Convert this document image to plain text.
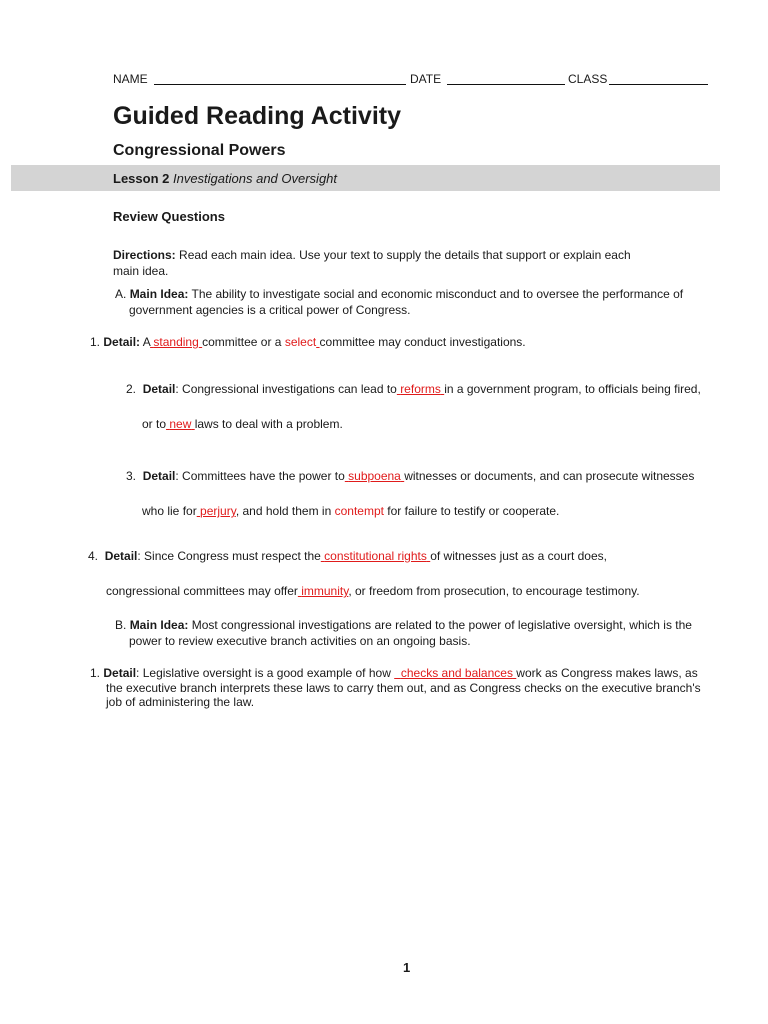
NAME	DATE	CLASS
Guided Reading Activity
Congressional Powers
Lesson 2 Investigations and Oversight
Review Questions
Directions: Read each main idea. Use your text to supply the details that support or explain each
main idea.
A. Main Idea: The ability to investigate social and economic misconduct and to oversee the performance of
government agencies is a critical power of Congress.
1. Detail: A standing committee or a select committee may conduct investigations.
2. Detail: Congressional investigations can lead to reforms in a government program, to officials being fired,
or to new laws to deal with a problem.
3. Detail: Committees have the power to subpoena witnesses or documents, and can prosecute witnesses
who lie for perjury, and hold them in contempt for failure to testify or cooperate.
4. Detail: Since Congress must respect the constitutional rights of witnesses just as a court does,
congressional committees may offer immunity, or freedom from prosecution, to encourage testimony.
B. Main Idea: Most congressional investigations are related to the power of legislative oversight, which is the
power to review executive branch activities on an ongoing basis.
1. Detail: Legislative oversight is a good example of how checks and balances work as Congress makes laws, as
the executive branch interprets these laws to carry them out, and as Congress checks on the executive branch's
job of administering the law.
1
